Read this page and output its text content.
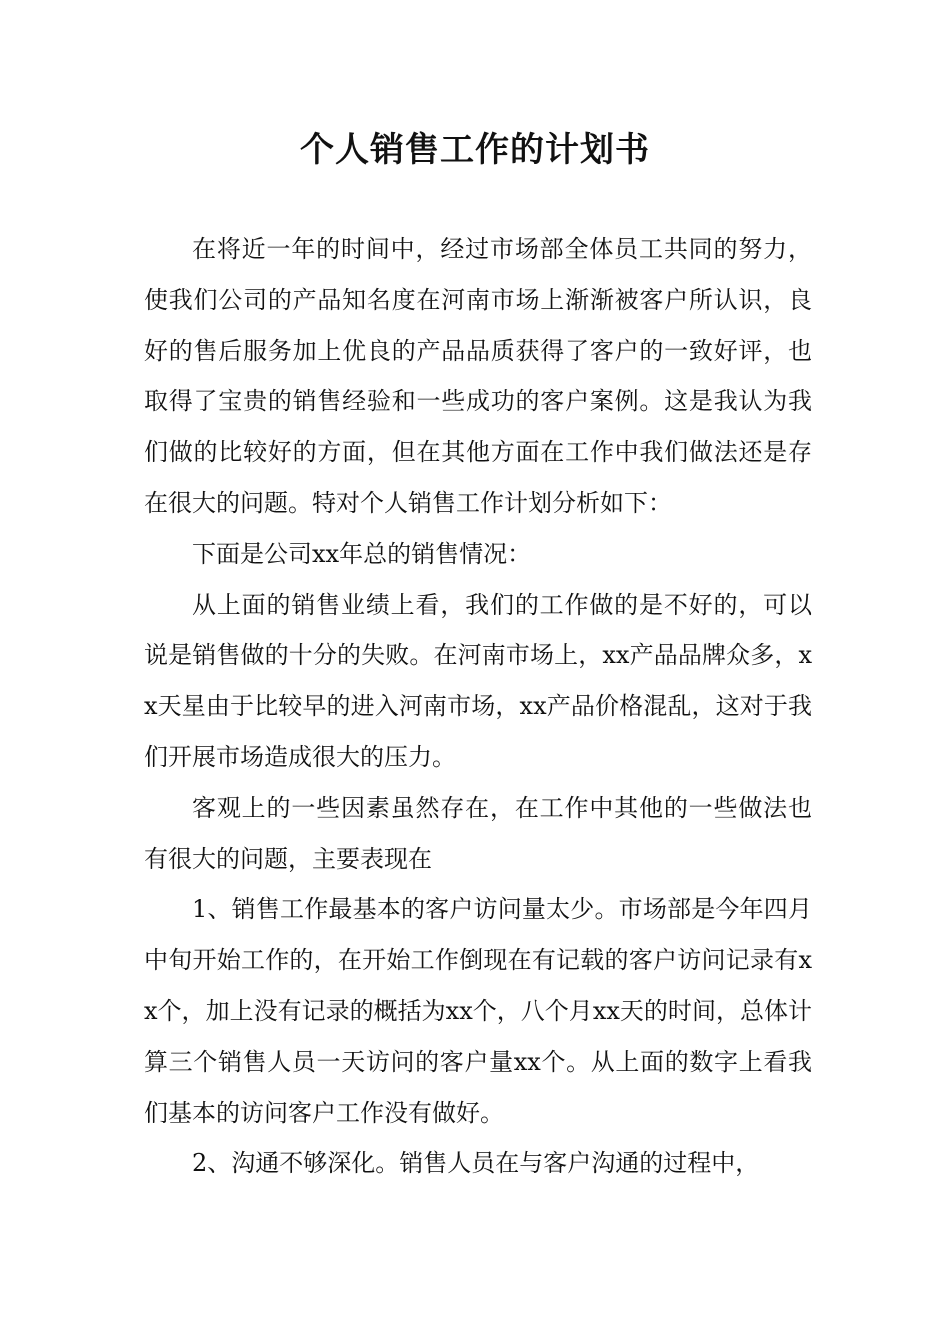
个人销售工作的计划书

在将近一年的时间中，经过市场部全体员工共同的努力，使我们公司的产品知名度在河南市场上渐渐被客户所认识，良好的售后服务加上优良的产品品质获得了客户的一致好评，也取得了宝贵的销售经验和一些成功的客户案例。这是我认为我们做的比较好的方面，但在其他方面在工作中我们做法还是存在很大的问题。特对个人销售工作计划分析如下：

下面是公司xx年总的销售情况：

从上面的销售业绩上看，我们的工作做的是不好的，可以说是销售做的十分的失败。在河南市场上，xx产品品牌众多，xx天星由于比较早的进入河南市场，xx产品价格混乱，这对于我们开展市场造成很大的压力。

客观上的一些因素虽然存在，在工作中其他的一些做法也有很大的问题，主要表现在

1、销售工作最基本的客户访问量太少。市场部是今年四月中旬开始工作的，在开始工作倒现在有记载的客户访问记录有xx个，加上没有记录的概括为xx个，八个月xx天的时间，总体计算三个销售人员一天访问的客户量xx个。从上面的数字上看我们基本的访问客户工作没有做好。

2、沟通不够深化。销售人员在与客户沟通的过程中，
